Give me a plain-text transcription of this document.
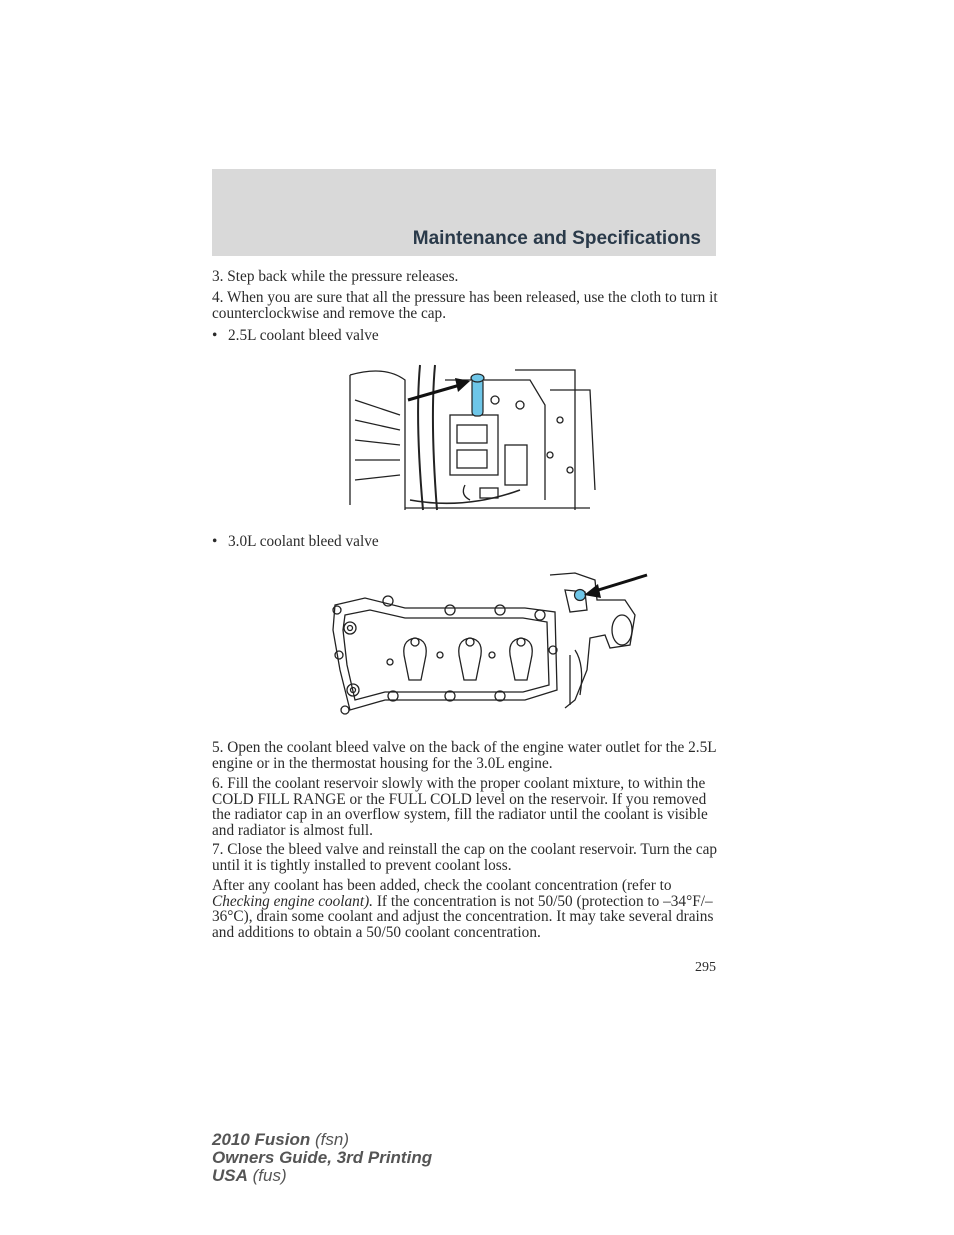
Maintenance and Specifications

3. Step back while the pressure releases.

4. When you are sure that all the pressure has been released, use the cloth to turn it counterclockwise and remove the cap.

• 2.5L coolant bleed valve
• 3.0L coolant bleed valve

5. Open the coolant bleed valve on the back of the engine water outlet for the 2.5L engine or in the thermostat housing for the 3.0L engine.

6. Fill the coolant reservoir slowly with the proper coolant mixture, to within the COLD FILL RANGE or the FULL COLD level on the reservoir. If you removed the radiator cap in an overflow system, fill the radiator until the coolant is visible and radiator is almost full.

7. Close the bleed valve and reinstall the cap on the coolant reservoir. Turn the cap until it is tightly installed to prevent coolant loss.

After any coolant has been added, check the coolant concentration (refer to Checking engine coolant). If the concentration is not 50/50 (protection to –34°F/–36°C), drain some coolant and adjust the concentration. It may take several drains and additions to obtain a 50/50 coolant concentration.

295
2010 Fusion (fsn)
Owners Guide, 3rd Printing
USA (fus)
